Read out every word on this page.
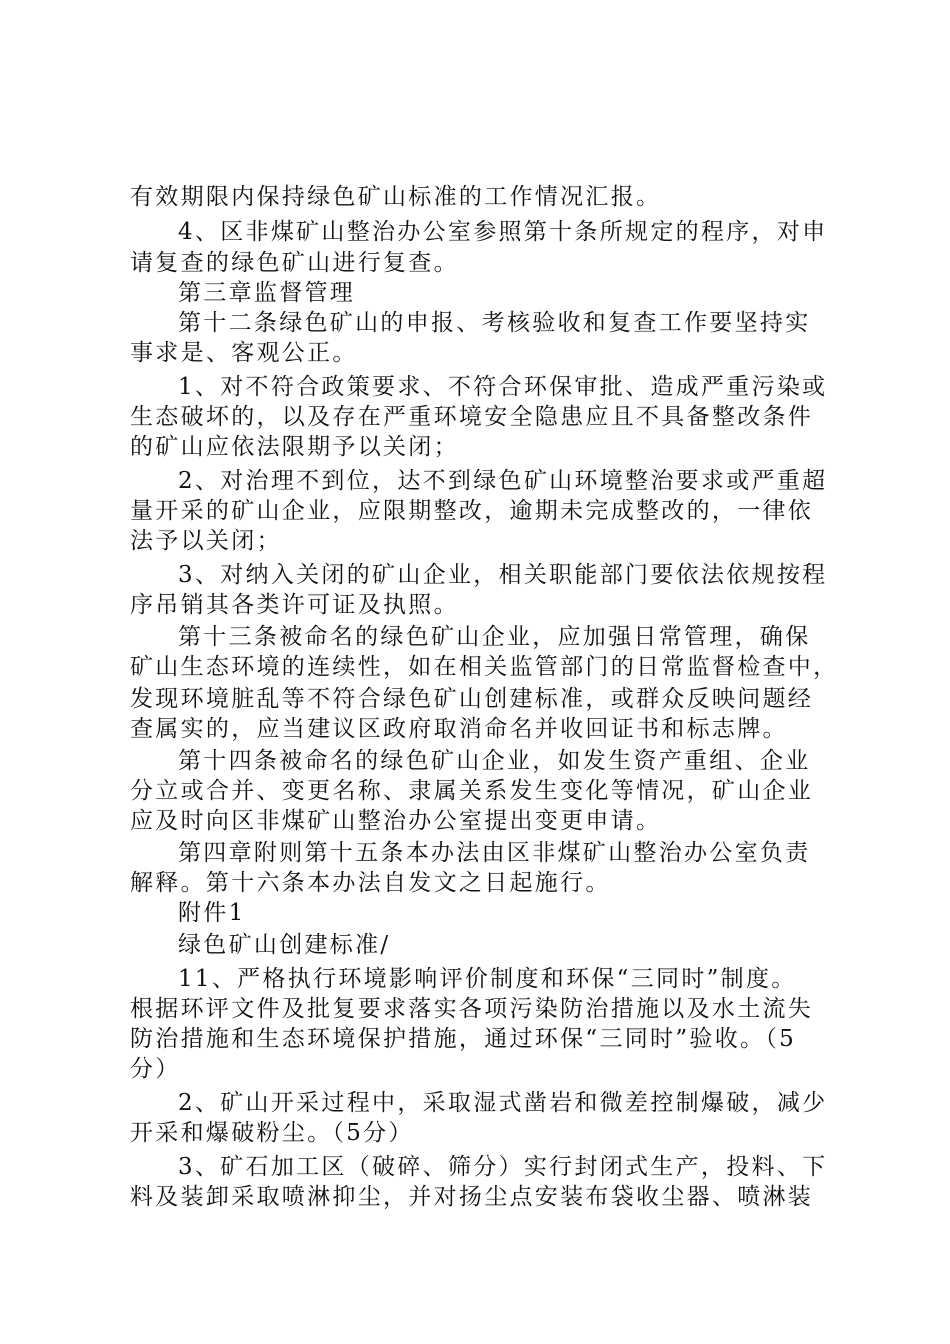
有效期限内保持绿色矿山标准的工作情况汇报。
4、区非煤矿山整治办公室参照第十条所规定的程序，对申
请复查的绿色矿山进行复查。
第三章监督管理
第十二条绿色矿山的申报、考核验收和复查工作要坚持实
事求是、客观公正。
1、对不符合政策要求、不符合环保审批、造成严重污染或
生态破坏的，以及存在严重环境安全隐患应且不具备整改条件
的矿山应依法限期予以关闭；
2、对治理不到位，达不到绿色矿山环境整治要求或严重超
量开采的矿山企业，应限期整改，逾期未完成整改的，一律依
法予以关闭；
3、对纳入关闭的矿山企业，相关职能部门要依法依规按程
序吊销其各类许可证及执照。
第十三条被命名的绿色矿山企业，应加强日常管理，确保
矿山生态环境的连续性，如在相关监管部门的日常监督检查中，
发现环境脏乱等不符合绿色矿山创建标准，或群众反映问题经
查属实的，应当建议区政府取消命名并收回证书和标志牌。
第十四条被命名的绿色矿山企业，如发生资产重组、企业
分立或合并、变更名称、隶属关系发生变化等情况，矿山企业
应及时向区非煤矿山整治办公室提出变更申请。
第四章附则第十五条本办法由区非煤矿山整治办公室负责
解释。第十六条本办法自发文之日起施行。
附件1
绿色矿山创建标准/
11、严格执行环境影响评价制度和环保“三同时”制度。
根据环评文件及批复要求落实各项污染防治措施以及水土流失
防治措施和生态环境保护措施，通过环保“三同时”验收。（5
分）
2、矿山开采过程中，采取湿式凿岩和微差控制爆破，减少
开采和爆破粉尘。（5分）
3、矿石加工区（破碎、筛分）实行封闭式生产，投料、下
料及装卸采取喷淋抑尘，并对扬尘点安装布袋收尘器、喷淋装
